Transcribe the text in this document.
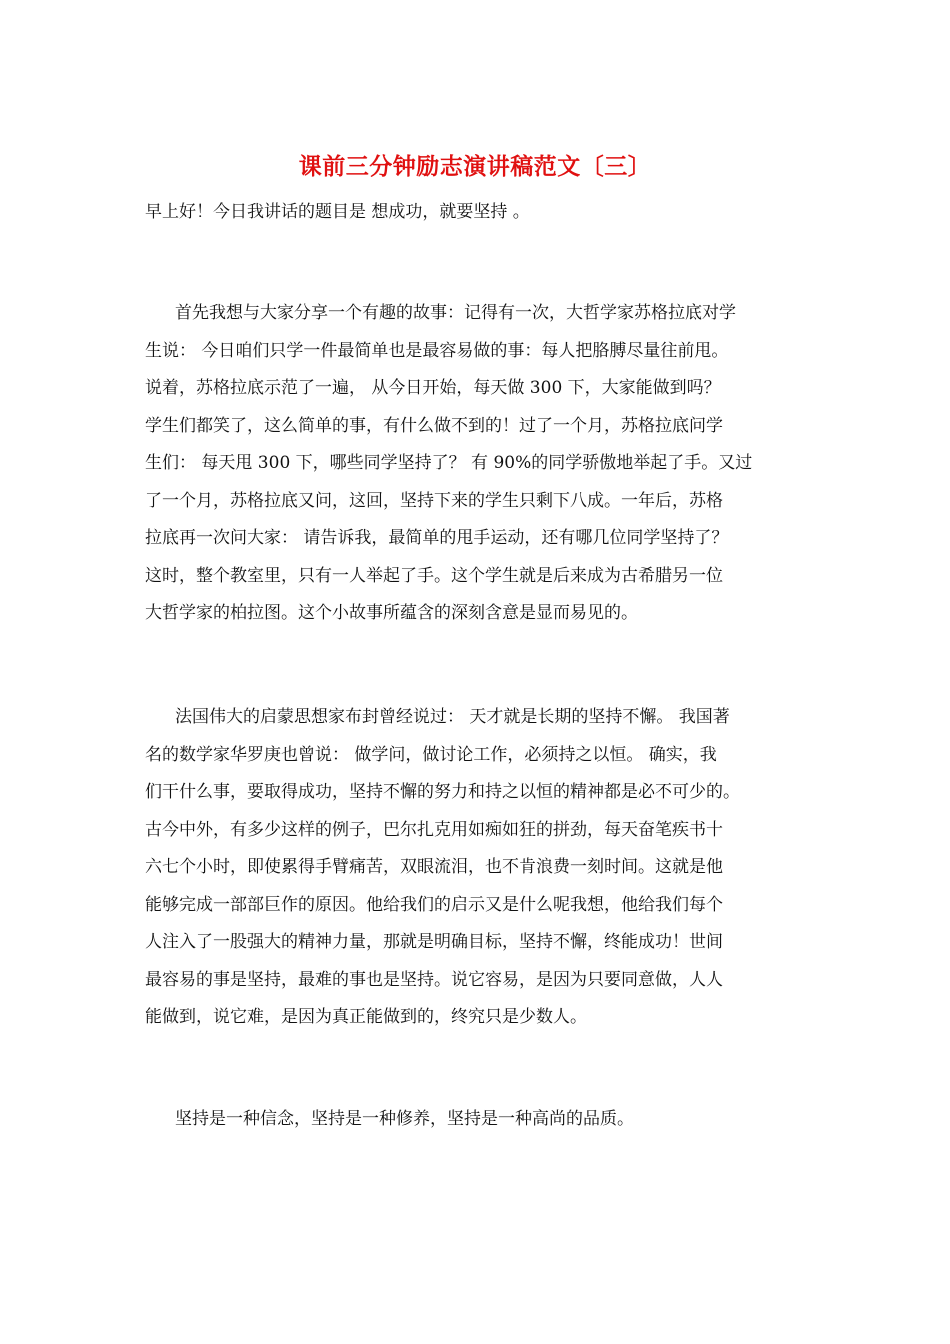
课前三分钟励志演讲稿范文〔三〕

早上好！今日我讲话的题目是 想成功，就要坚持 。

首先我想与大家分享一个有趣的故事：记得有一次，大哲学家苏格拉底对学
生说： 今日咱们只学一件最简单也是最容易做的事：每人把胳膊尽量往前甩。
说着，苏格拉底示范了一遍， 从今日开始，每天做 300 下，大家能做到吗？
学生们都笑了，这么简单的事，有什么做不到的！过了一个月，苏格拉底问学
生们： 每天甩 300 下，哪些同学坚持了？ 有 90%的同学骄傲地举起了手。又过
了一个月，苏格拉底又问，这回，坚持下来的学生只剩下八成。一年后，苏格
拉底再一次问大家： 请告诉我，最简单的甩手运动，还有哪几位同学坚持了？
这时，整个教室里，只有一人举起了手。这个学生就是后来成为古希腊另一位
大哲学家的柏拉图。这个小故事所蕴含的深刻含意是显而易见的。
法国伟大的启蒙思想家布封曾经说过： 天才就是长期的坚持不懈。 我国著
名的数学家华罗庚也曾说： 做学问，做讨论工作，必须持之以恒。 确实，我
们干什么事，要取得成功，坚持不懈的努力和持之以恒的精神都是必不可少的。
古今中外，有多少这样的例子，巴尔扎克用如痴如狂的拼劲，每天奋笔疾书十
六七个小时，即使累得手臂痛苦，双眼流泪，也不肯浪费一刻时间。这就是他
能够完成一部部巨作的原因。他给我们的启示又是什么呢我想，他给我们每个
人注入了一股强大的精神力量，那就是明确目标，坚持不懈，终能成功！世间
最容易的事是坚持，最难的事也是坚持。说它容易，是因为只要同意做，人人
能做到，说它难，是因为真正能做到的，终究只是少数人。
坚持是一种信念，坚持是一种修养，坚持是一种高尚的品质。
